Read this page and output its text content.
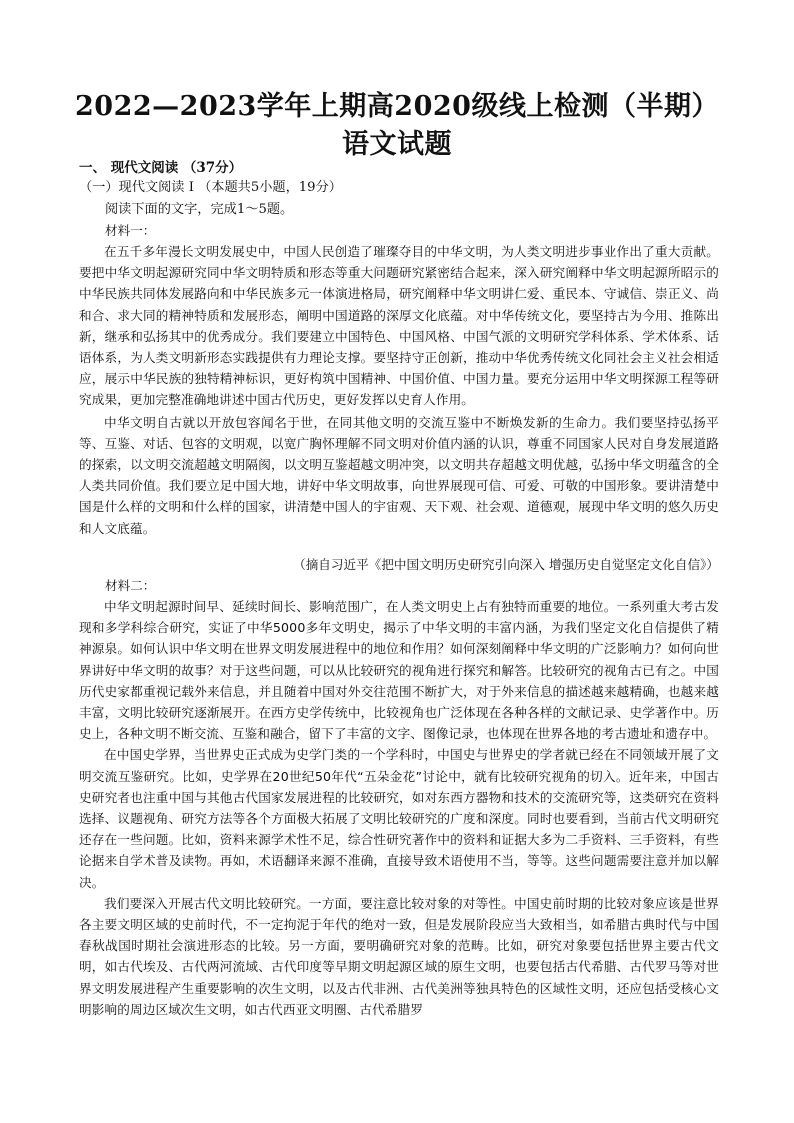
2022—2023学年上期高2020级线上检测（半期）
语文试题
一、 现代文阅读 （37分）
（一）现代文阅读 I （本题共5小题，19分）
阅读下面的文字，完成1～5题。
材料一：

在五千多年漫长文明发展史中，中国人民创造了璀璨夺目的中华文明，为人类文明进步事业作出了重大贡献。要把中华文明起源研究同中华文明特质和形态等重大问题研究紧密结合起来，深入研究阐释中华文明起源所昭示的中华民族共同体发展路向和中华民族多元一体演进格局，研究阐释中华文明讲仁爱、重民本、守诚信、崇正义、尚和合、求大同的精神特质和发展形态，阐明中国道路的深厚文化底蕴。对中华传统文化，要坚持古为今用、推陈出新，继承和弘扬其中的优秀成分。我们要建立中国特色、中国风格、中国气派的文明研究学科体系、学术体系、话语体系，为人类文明新形态实践提供有力理论支撑。要坚持守正创新，推动中华优秀传统文化同社会主义社会相适应，展示中华民族的独特精神标识，更好构筑中国精神、中国价值、中国力量。要充分运用中华文明探源工程等研究成果，更加完整准确地讲述中国古代历史，更好发挥以史育人作用。

中华文明自古就以开放包容闻名于世，在同其他文明的交流互鉴中不断焕发新的生命力。我们要坚持弘扬平等、互鉴、对话、包容的文明观，以宽广胸怀理解不同文明对价值内涵的认识，尊重不同国家人民对自身发展道路的探索，以文明交流超越文明隔阂，以文明互鉴超越文明冲突，以文明共存超越文明优越，弘扬中华文明蕴含的全人类共同价值。我们要立足中国大地，讲好中华文明故事，向世界展现可信、可爱、可敬的中国形象。要讲清楚中国是什么样的文明和什么样的国家，讲清楚中国人的宇宙观、天下观、社会观、道德观，展现中华文明的悠久历史和人文底蕴。

（摘自习近平《把中国文明历史研究引向深入 增强历史自觉坚定文化自信》）
材料二：

中华文明起源时间早、延续时间长、影响范围广，在人类文明史上占有独特而重要的地位。一系列重大考古发现和多学科综合研究，实证了中华5000多年文明史，揭示了中华文明的丰富内涵，为我们坚定文化自信提供了精神源泉。如何认识中华文明在世界文明发展进程中的地位和作用？如何深刻阐释中华文明的广泛影响力？如何向世界讲好中华文明的故事？对于这些问题，可以从比较研究的视角进行探究和解答。比较研究的视角古已有之。中国历代史家都重视记载外来信息，并且随着中国对外交往范围不断扩大，对于外来信息的描述越来越精确，也越来越丰富，文明比较研究逐渐展开。在西方史学传统中，比较视角也广泛体现在各种各样的文献记录、史学著作中。历史上，各种文明不断交流、互鉴和融合，留下了丰富的文字、图像记录，也体现在世界各地的考古遗址和遗存中。

在中国史学界，当世界史正式成为史学门类的一个学科时，中国史与世界史的学者就已经在不同领域开展了文明交流互鉴研究。比如，史学界在20世纪50年代“五朵金花”讨论中，就有比较研究视角的切入。近年来，中国古史研究者也注重中国与其他古代国家发展进程的比较研究，如对东西方器物和技术的交流研究等，这类研究在资料选择、议题视角、研究方法等各个方面极大拓展了文明比较研究的广度和深度。同时也要看到，当前古代文明研究还存在一些问题。比如，资料来源学术性不足，综合性研究著作中的资料和证据大多为二手资料、三手资料，有些论据来自学术普及读物。再如，术语翻译来源不准确，直接导致术语使用不当，等等。这些问题需要注意并加以解决。

我们要深入开展古代文明比较研究。一方面，要注意比较对象的对等性。中国史前时期的比较对象应该是世界各主要文明区域的史前时代，不一定拘泥于年代的绝对一致，但是发展阶段应当大致相当，如希腊古典时代与中国春秋战国时期社会演进形态的比较。另一方面，要明确研究对象的范畴。比如，研究对象要包括世界主要古代文明，如古代埃及、古代两河流域、古代印度等早期文明起源区域的原生文明，也要包括古代希腊、古代罗马等对世界文明发展进程产生重要影响的次生文明，以及古代非洲、古代美洲等独具特色的区域性文明，还应包括受核心文明影响的周边区域次生文明，如古代西亚文明圈、古代希腊罗
